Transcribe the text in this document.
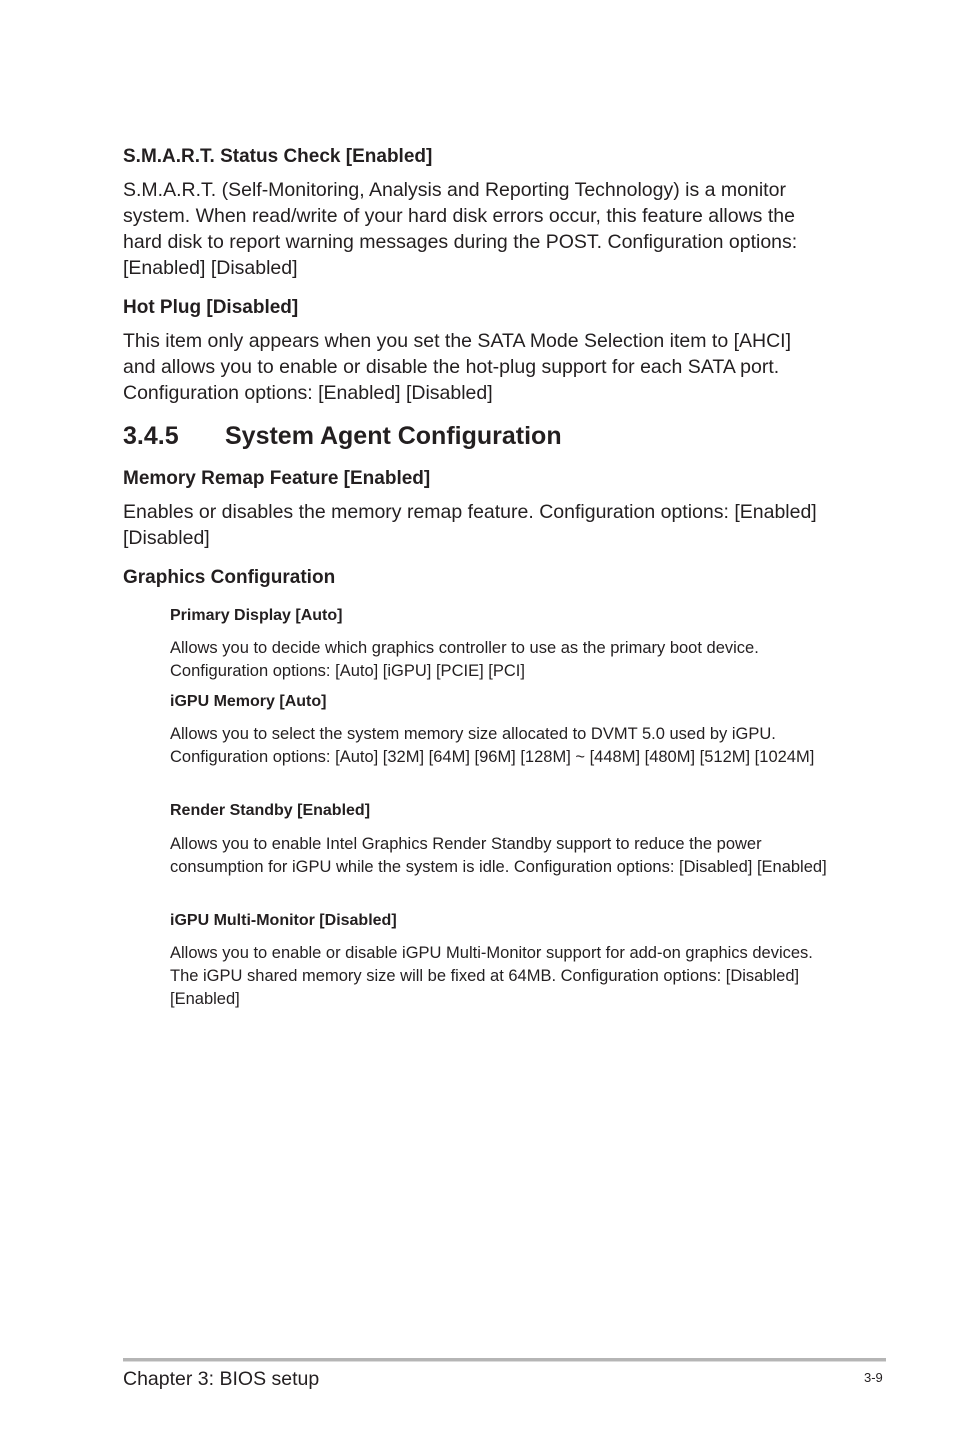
S.M.A.R.T. Status Check [Enabled]

S.M.A.R.T. (Self-Monitoring, Analysis and Reporting Technology) is a monitor system. When read/write of your hard disk errors occur, this feature allows the hard disk to report warning messages during the POST. Configuration options: [Enabled] [Disabled]

Hot Plug [Disabled]

This item only appears when you set the SATA Mode Selection item to [AHCI] and allows you to enable or disable the hot-plug support for each SATA port. Configuration options: [Enabled] [Disabled]

3.4.5 System Agent Configuration
Memory Remap Feature [Enabled]

Enables or disables the memory remap feature. Configuration options: [Enabled] [Disabled]

Graphics Configuration
Primary Display [Auto]

Allows you to decide which graphics controller to use as the primary boot device. Configuration options: [Auto] [iGPU] [PCIE] [PCI]

iGPU Memory [Auto]

Allows you to select the system memory size allocated to DVMT 5.0 used by iGPU. Configuration options: [Auto] [32M] [64M] [96M] [128M] ~ [448M] [480M] [512M] [1024M]

Render Standby [Enabled]

Allows you to enable Intel Graphics Render Standby support to reduce the power consumption for iGPU while the system is idle. Configuration options: [Disabled] [Enabled]

iGPU Multi-Monitor [Disabled]

Allows you to enable or disable iGPU Multi-Monitor support for add-on graphics devices. The iGPU shared memory size will be fixed at 64MB. Configuration options: [Disabled] [Enabled]

Chapter 3: BIOS setup	3-9
